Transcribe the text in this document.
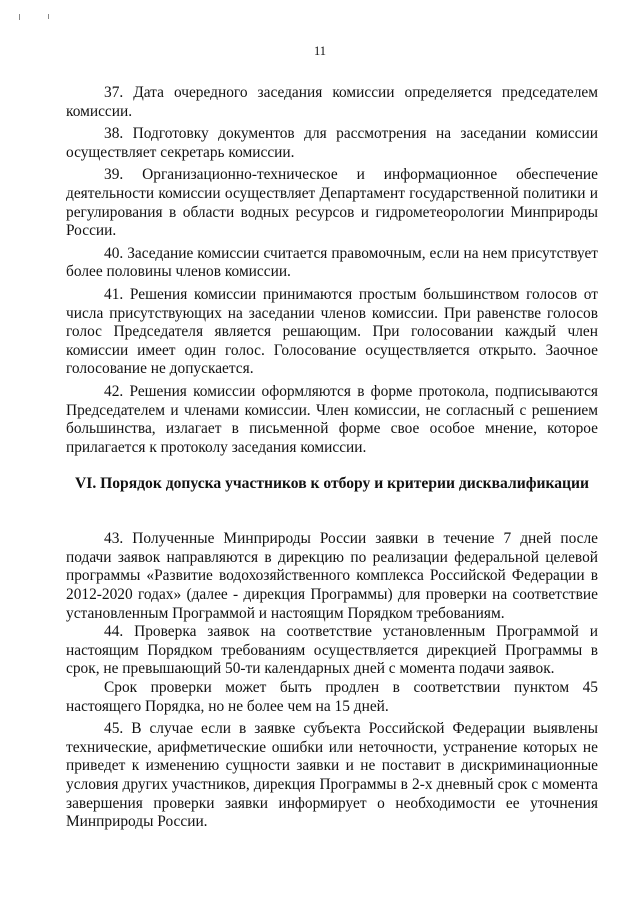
11

37. Дата очередного заседания комиссии определяется председателем комиссии.

38. Подготовку документов для рассмотрения на заседании комиссии осуществляет секретарь комиссии.

39. Организационно-техническое и информационное обеспечение деятельности комиссии осуществляет Департамент государственной политики и регулирования в области водных ресурсов и гидрометеорологии Минприроды России.

40. Заседание комиссии считается правомочным, если на нем присутствует более половины членов комиссии.

41. Решения комиссии принимаются простым большинством голосов от числа присутствующих на заседании членов комиссии. При равенстве голосов голос Председателя является решающим. При голосовании каждый член комиссии имеет один голос. Голосование осуществляется открыто. Заочное голосование не допускается.

42. Решения комиссии оформляются в форме протокола, подписываются Председателем и членами комиссии. Член комиссии, не согласный с решением большинства, излагает в письменной форме свое особое мнение, которое прилагается к протоколу заседания комиссии.

VI. Порядок допуска участников к отбору и критерии дисквалификации

43. Полученные Минприроды России заявки в течение 7 дней после подачи заявок направляются в дирекцию по реализации федеральной целевой программы «Развитие водохозяйственного комплекса Российской Федерации в 2012-2020 годах» (далее - дирекция Программы) для проверки на соответствие установленным Программой и настоящим Порядком требованиям.

44. Проверка заявок на соответствие установленным Программой и настоящим Порядком требованиям осуществляется дирекцией Программы в срок, не превышающий 50-ти календарных дней с момента подачи заявок.

Срок проверки может быть продлен в соответствии пунктом 45 настоящего Порядка, но не более чем на 15 дней.

45. В случае если в заявке субъекта Российской Федерации выявлены технические, арифметические ошибки или неточности, устранение которых не приведет к изменению сущности заявки и не поставит в дискриминационные условия других участников, дирекция Программы в 2-х дневный срок с момента завершения проверки заявки информирует о необходимости ее уточнения Минприроды России.
